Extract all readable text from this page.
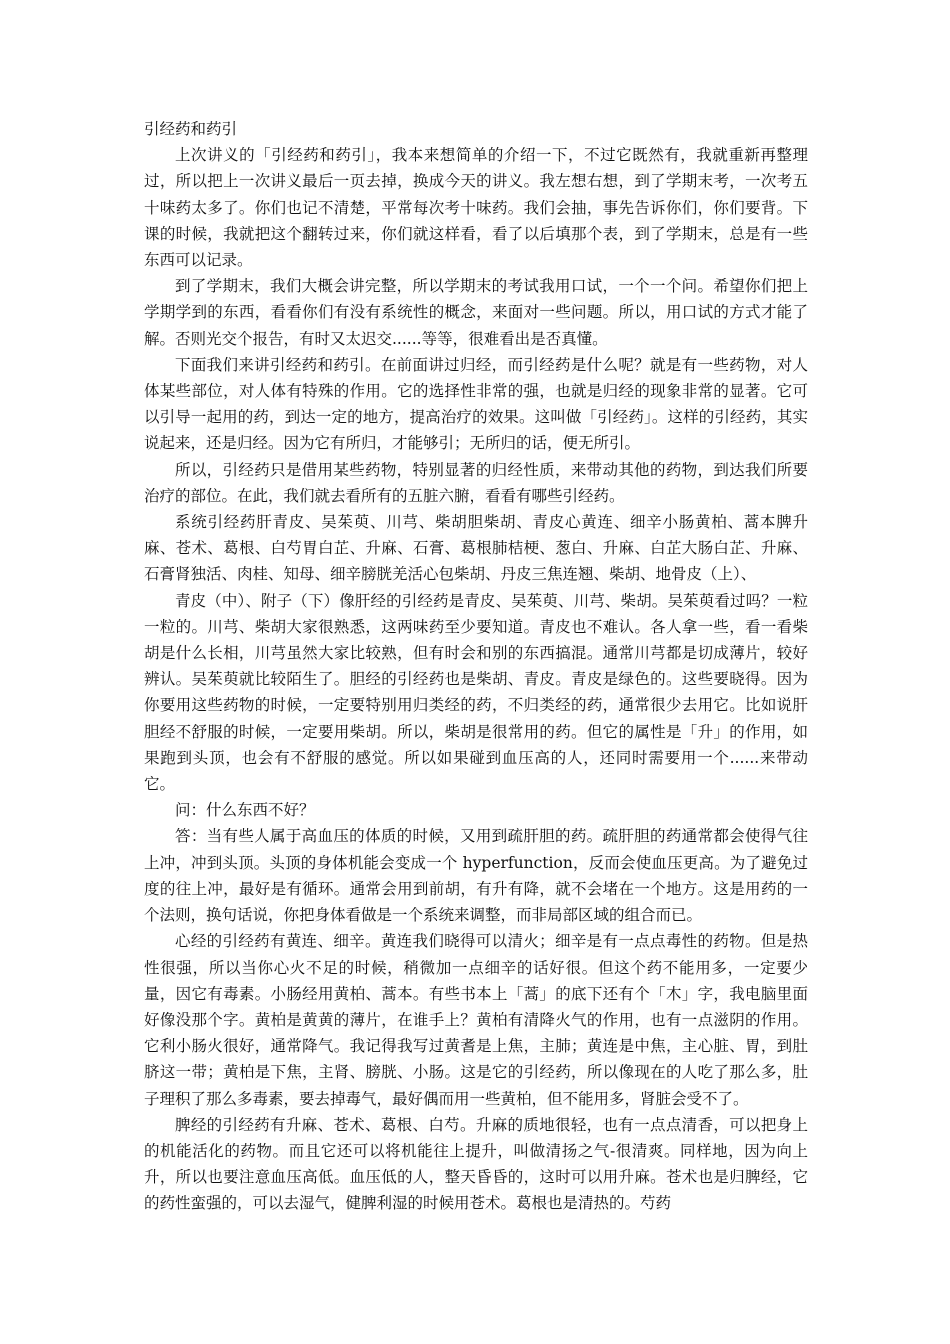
引经药和药引

上次讲义的「引经药和药引」，我本来想简单的介绍一下，不过它既然有，我就重新再整理过，所以把上一次讲义最后一页去掉，换成今天的讲义。我左想右想，到了学期末考，一次考五十味药太多了。你们也记不清楚，平常每次考十味药。我们会抽，事先告诉你们，你们要背。下课的时候，我就把这个翻转过来，你们就这样看，看了以后填那个表，到了学期末，总是有一些东西可以记录。

到了学期末，我们大概会讲完整，所以学期末的考试我用口试，一个一个问。希望你们把上学期学到的东西，看看你们有没有系统性的概念，来面对一些问题。所以，用口试的方式才能了解。否则光交个报告，有时又太迟交......等等，很难看出是否真懂。

下面我们来讲引经药和药引。在前面讲过归经，而引经药是什么呢？就是有一些药物，对人体某些部位，对人体有特殊的作用。它的选择性非常的强，也就是归经的现象非常的显著。它可以引导一起用的药，到达一定的地方，提高治疗的效果。这叫做「引经药」。这样的引经药，其实说起来，还是归经。因为它有所归，才能够引；无所归的话，便无所引。

所以，引经药只是借用某些药物，特别显著的归经性质，来带动其他的药物，到达我们所要治疗的部位。在此，我们就去看所有的五脏六腑，看看有哪些引经药。

系统引经药肝青皮、吴茱萸、川芎、柴胡胆柴胡、青皮心黄连、细辛小肠黄柏、蒿本脾升麻、苍术、葛根、白芍胃白芷、升麻、石膏、葛根肺桔梗、葱白、升麻、白芷大肠白芷、升麻、石膏肾独活、肉桂、知母、细辛膀胱羌活心包柴胡、丹皮三焦连翘、柴胡、地骨皮（上）、

青皮（中）、附子（下）像肝经的引经药是青皮、吴茱萸、川芎、柴胡。吴茱萸看过吗？一粒一粒的。川芎、柴胡大家很熟悉，这两味药至少要知道。青皮也不难认。各人拿一些，看一看柴胡是什么长相，川芎虽然大家比较熟，但有时会和别的东西搞混。通常川芎都是切成薄片，较好辨认。吴茱萸就比较陌生了。胆经的引经药也是柴胡、青皮。青皮是绿色的。这些要晓得。因为你要用这些药物的时候，一定要特别用归类经的药，不归类经的药，通常很少去用它。比如说肝胆经不舒服的时候，一定要用柴胡。所以，柴胡是很常用的药。但它的属性是「升」的作用，如果跑到头顶，也会有不舒服的感觉。所以如果碰到血压高的人，还同时需要用一个......来带动它。

问：什么东西不好？

答：当有些人属于高血压的体质的时候，又用到疏肝胆的药。疏肝胆的药通常都会使得气往上冲，冲到头顶。头顶的身体机能会变成一个 hyperfunction，反而会使血压更高。为了避免过度的往上冲，最好是有循环。通常会用到前胡，有升有降，就不会堵在一个地方。这是用药的一个法则，换句话说，你把身体看做是一个系统来调整，而非局部区域的组合而已。

心经的引经药有黄连、细辛。黄连我们晓得可以清火；细辛是有一点点毒性的药物。但是热性很强，所以当你心火不足的时候，稍微加一点细辛的话好很。但这个药不能用多，一定要少量，因它有毒素。小肠经用黄柏、蒿本。有些书本上「蒿」的底下还有个「木」字，我电脑里面好像没那个字。黄柏是黄黄的薄片，在谁手上？黄柏有清降火气的作用，也有一点滋阴的作用。它利小肠火很好，通常降气。我记得我写过黄耆是上焦，主肺；黄连是中焦，主心脏、胃，到肚脐这一带；黄柏是下焦，主肾、膀胱、小肠。这是它的引经药，所以像现在的人吃了那么多，肚子理积了那么多毒素，要去掉毒气，最好偶而用一些黄柏，但不能用多，肾脏会受不了。

脾经的引经药有升麻、苍术、葛根、白芍。升麻的质地很轻，也有一点点清香，可以把身上的机能活化的药物。而且它还可以将机能往上提升，叫做清扬之气-很清爽。同样地，因为向上升，所以也要注意血压高低。血压低的人，整天昏昏的，这时可以用升麻。苍术也是归脾经，它的药性蛮强的，可以去湿气，健脾利湿的时候用苍术。葛根也是清热的。芍药
